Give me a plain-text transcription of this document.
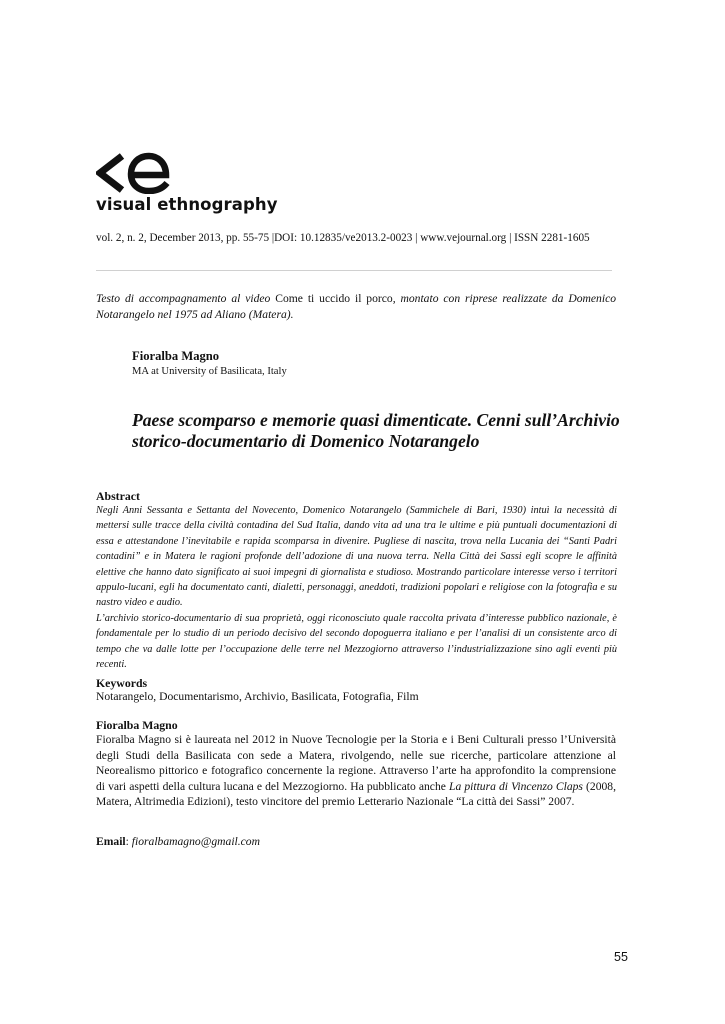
visual ethnography
vol. 2, n. 2, December 2013, pp. 55-75 |DOI: 10.12835/ve2013.2-0023 | www.vejournal.org | ISSN 2281-1605
Testo di accompagnamento al video Come ti uccido il porco, montato con riprese realizzate da Domenico Notarangelo nel 1975 ad Aliano (Matera).
Fioralba Magno
MA at University of Basilicata, Italy
Paese scomparso e memorie quasi dimenticate. Cenni sull’Archivio storico-documentario di Domenico Notarangelo
Abstract

Negli Anni Sessanta e Settanta del Novecento, Domenico Notarangelo (Sammichele di Bari, 1930) intuì la necessità di mettersi sulle tracce della civiltà contadina del Sud Italia, dando vita ad una tra le ultime e più puntuali documentazioni di essa e attestandone l’inevitabile e rapida scomparsa in divenire. Pugliese di nascita, trova nella Lucania dei “Santi Padri contadini” e in Matera le ragioni profonde dell’adozione di una nuova terra. Nella Città dei Sassi egli scopre le affinità elettive che hanno dato significato ai suoi impegni di giornalista e studioso. Mostrando particolare interesse verso i territori appulo-lucani, egli ha documentato canti, dialetti, personaggi, aneddoti, tradizioni popolari e religiose con la fotografia e su nastro video e audio.

L’archivio storico-documentario di sua proprietà, oggi riconosciuto quale raccolta privata d’interesse pubblico nazionale, è fondamentale per lo studio di un periodo decisivo del secondo dopoguerra italiano e per l’analisi di un consistente arco di tempo che va dalle lotte per l’occupazione delle terre nel Mezzogiorno attraverso l’industrializzazione sino agli eventi più recenti.

Keywords
Notarangelo, Documentarismo, Archivio, Basilicata, Fotografia, Film
Fioralba Magno
Fioralba Magno si è laureata nel 2012 in Nuove Tecnologie per la Storia e i Beni Culturali presso l’Università degli Studi della Basilicata con sede a Matera, rivolgendo, nelle sue ricerche, particolare attenzione al Neorealismo pittorico e fotografico concernente la regione. Attraverso l’arte ha approfondito la comprensione di vari aspetti della cultura lucana e del Mezzogiorno. Ha pubblicato anche La pittura di Vincenzo Claps (2008, Matera, Altrimedia Edizioni), testo vincitore del premio Letterario Nazionale “La città dei Sassi” 2007.
Email: fioralbamagno@gmail.com
55
